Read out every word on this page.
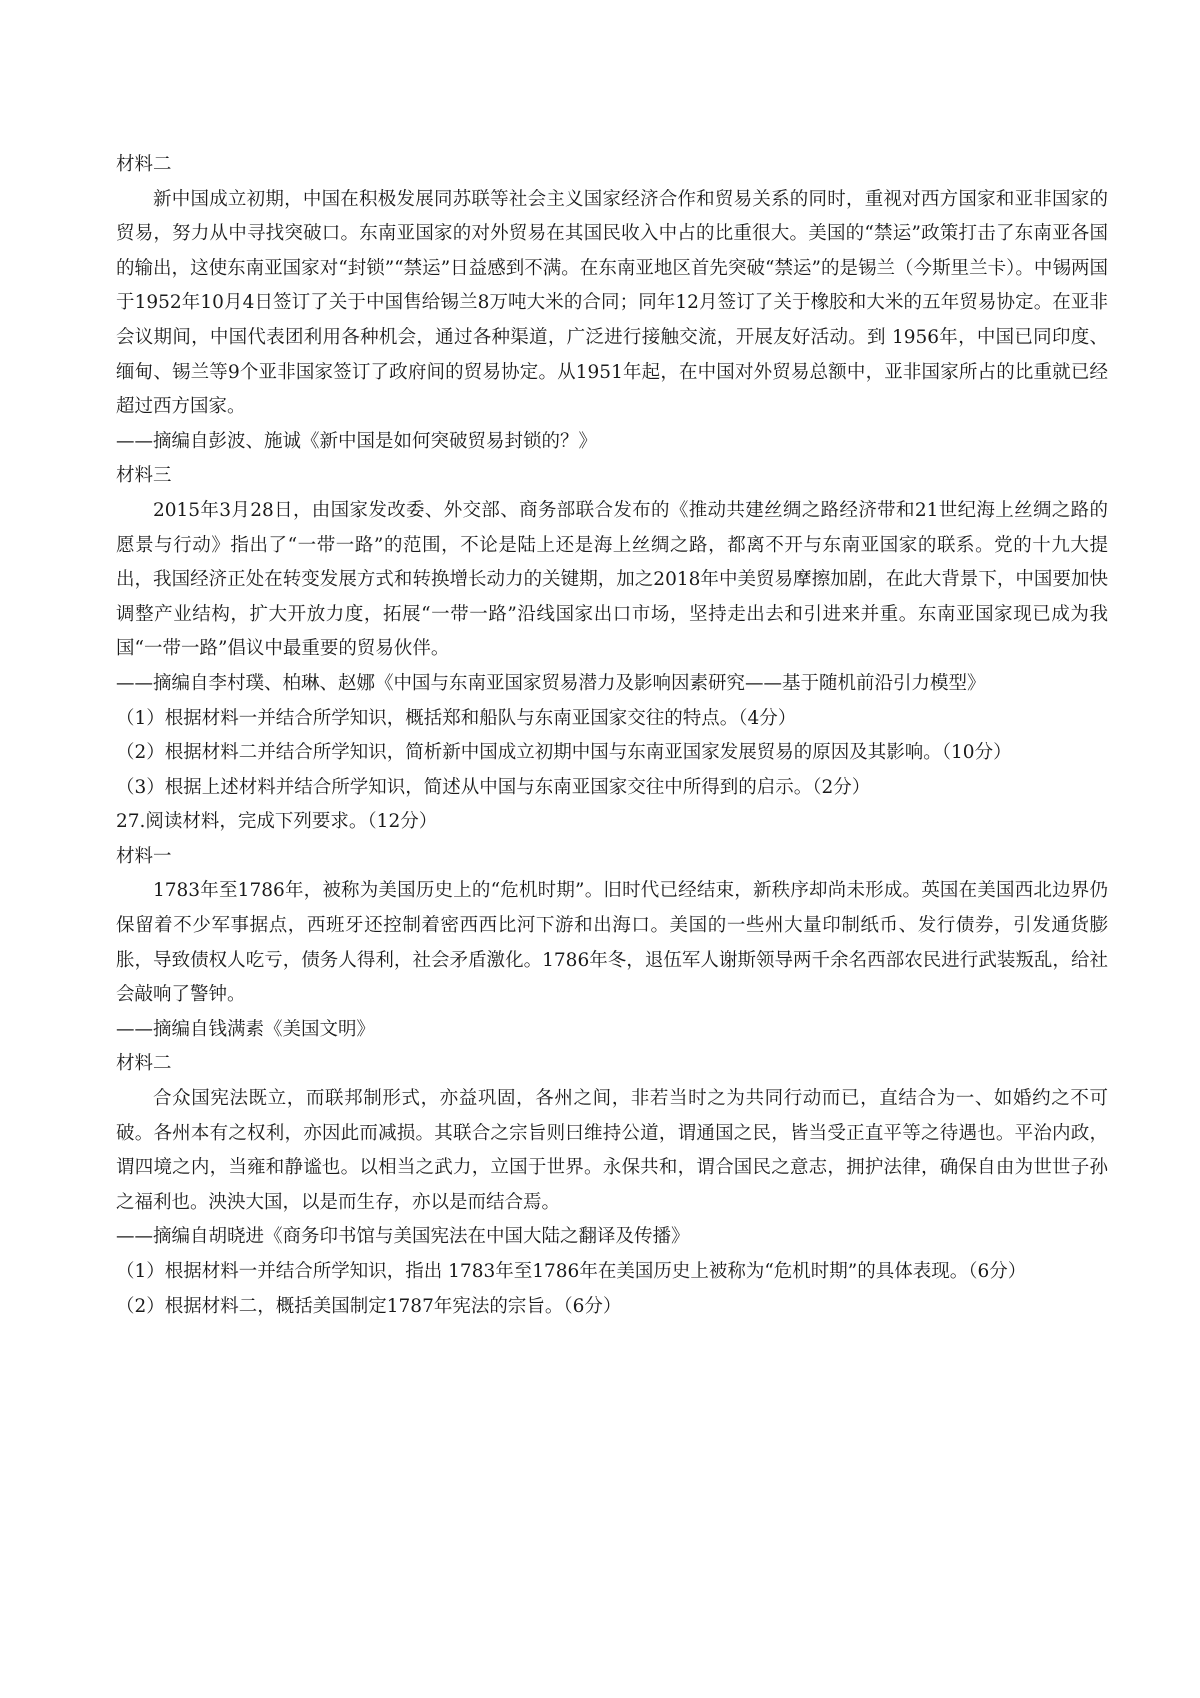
材料二

新中国成立初期，中国在积极发展同苏联等社会主义国家经济合作和贸易关系的同时，重视对西方国家和亚非国家的贸易，努力从中寻找突破口。东南亚国家的对外贸易在其国民收入中占的比重很大。美国的“禁运”政策打击了东南亚各国的输出，这使东南亚国家对“封锁”“禁运”日益感到不满。在东南亚地区首先突破“禁运”的是锡兰（今斯里兰卡）。中锡两国于1952年10月4日签订了关于中国售给锡兰8万吨大米的合同；同年12月签订了关于橡胶和大米的五年贸易协定。在亚非会议期间，中国代表团利用各种机会，通过各种渠道，广泛进行接触交流，开展友好活动。到 1956年，中国已同印度、缅甸、锡兰等9个亚非国家签订了政府间的贸易协定。从1951年起，在中国对外贸易总额中，亚非国家所占的比重就已经超过西方国家。

——摘编自彭波、施诚《新中国是如何突破贸易封锁的？》

材料三

2015年3月28日，由国家发改委、外交部、商务部联合发布的《推动共建丝绸之路经济带和21世纪海上丝绸之路的愿景与行动》指出了“一带一路”的范围，不论是陆上还是海上丝绸之路，都离不开与东南亚国家的联系。党的十九大提出，我国经济正处在转变发展方式和转换增长动力的关键期，加之2018年中美贸易摩擦加剧，在此大背景下，中国要加快调整产业结构，扩大开放力度，拓展“一带一路”沿线国家出口市场，坚持走出去和引进来并重。东南亚国家现已成为我国“一带一路”倡议中最重要的贸易伙伴。

——摘编自李村璞、柏琳、赵娜《中国与东南亚国家贸易潜力及影响因素研究——基于随机前沿引力模型》

（1）根据材料一并结合所学知识，概括郑和船队与东南亚国家交往的特点。（4分）

（2）根据材料二并结合所学知识，简析新中国成立初期中国与东南亚国家发展贸易的原因及其影响。（10分）

（3）根据上述材料并结合所学知识，简述从中国与东南亚国家交往中所得到的启示。（2分）

27.阅读材料，完成下列要求。（12分）
材料一

1783年至1786年，被称为美国历史上的“危机时期”。旧时代已经结束，新秩序却尚未形成。英国在美国西北边界仍保留着不少军事据点，西班牙还控制着密西西比河下游和出海口。美国的一些州大量印制纸币、发行债券，引发通货膨胀，导致债权人吃亏，债务人得利，社会矛盾激化。1786年冬，退伍军人谢斯领导两千余名西部农民进行武装叛乱，给社会敲响了警钟。

——摘编自钱满素《美国文明》

材料二

合众国宪法既立，而联邦制形式，亦益巩固，各州之间，非若当时之为共同行动而已，直结合为一、如婚约之不可破。各州本有之权利，亦因此而减损。其联合之宗旨则曰维持公道，谓通国之民，皆当受正直平等之待遇也。平治内政，谓四境之内，当雍和静谧也。以相当之武力，立国于世界。永保共和，谓合国民之意志，拥护法律，确保自由为世世子孙之福利也。泱泱大国，以是而生存，亦以是而结合焉。

——摘编自胡晓进《商务印书馆与美国宪法在中国大陆之翻译及传播》

（1）根据材料一并结合所学知识，指出 1783年至1786年在美国历史上被称为“危机时期”的具体表现。（6分）

（2）根据材料二，概括美国制定1787年宪法的宗旨。（6分）
